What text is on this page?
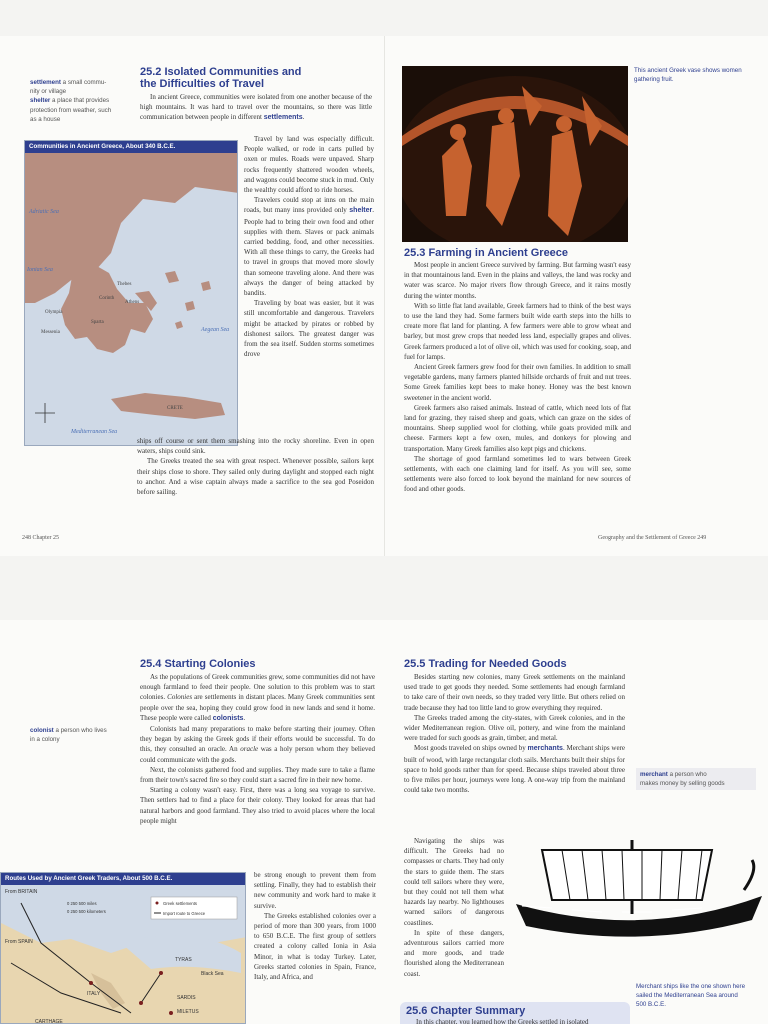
settlement a small commu-
nity or village
shelter a place that provides
protection from weather, such
as a house
25.2 Isolated Communities and
the Difficulties of Travel

In ancient Greece, communities were isolated from one another because of the high mountains. It was hard to travel over the mountains, so there was little communication between people in different settlements.

Communities in Ancient Greece, About 340 B.C.E.
CRETE
Olympia
Messenia
Corinth
Athens
Thebes
Sparta
Adriatic Sea
Ionian Sea
Aegean Sea
Mediterranean Sea

Travel by land was especially difficult. People walked, or rode in carts pulled by oxen or mules. Roads were unpaved. Sharp rocks frequently shattered wooden wheels, and wagons could become stuck in mud. Only the wealthy could afford to ride horses.

Travelers could stop at inns on the main roads, but many inns provided only shelter. People had to bring their own food and other supplies with them. Slaves or pack animals carried bedding, food, and other necessities. With all these things to carry, the Greeks had to travel in groups that moved more slowly than someone traveling alone. And there was always the danger of being attacked by bandits.

Traveling by boat was easier, but it was still uncomfortable and dangerous. Travelers might be attacked by pirates or robbed by dishonest sailors. The greatest danger was from the sea itself. Sudden storms sometimes drove

ships off course or sent them smashing into the rocky shoreline. Even in open waters, ships could sink.

The Greeks treated the sea with great respect. Whenever possible, sailors kept their ships close to shore. They sailed only during daylight and stopped each night to anchor. And a wise captain always made a sacrifice to the sea god Poseidon before sailing.

248 Chapter 25
This ancient Greek vase shows women gathering fruit.
25.3 Farming in Ancient Greece

Most people in ancient Greece survived by farming. But farming wasn't easy in that mountainous land. Even in the plains and valleys, the land was rocky and water was scarce. No major rivers flow through Greece, and it rains mostly during the winter months.

With so little flat land available, Greek farmers had to think of the best ways to use the land they had. Some farmers built wide earth steps into the hills to create more flat land for planting. A few farmers were able to grow wheat and barley, but most grew crops that needed less land, especially grapes and olives. Greek farmers produced a lot of olive oil, which was used for cooking, soap, and fuel for lamps.

Ancient Greek farmers grew food for their own families. In addition to small vegetable gardens, many farmers planted hillside orchards of fruit and nut trees. Some Greek families kept bees to make honey. Honey was the best known sweetener in the ancient world.

Greek farmers also raised animals. Instead of cattle, which need lots of flat land for grazing, they raised sheep and goats, which can graze on the sides of mountains. Sheep supplied wool for clothing, while goats provided milk and cheese. Farmers kept a few oxen, mules, and donkeys for plowing and transportation. Many Greek families also kept pigs and chickens.

The shortage of good farmland sometimes led to wars between Greek settlements, with each one claiming land for itself. As you will see, some settlements were also forced to look beyond the mainland for new sources of food and other goods.

Geography and the Settlement of Greece 249
25.4 Starting Colonies

As the populations of Greek communities grew, some communities did not have enough farmland to feed their people. One solution to this problem was to start colonies. Colonies are settlements in distant places. Many Greek communities sent people over the sea, hoping they could grow food in new lands and send it home. These people were called colonists.

Colonists had many preparations to make before starting their journey. Often they began by asking the Greek gods if their efforts would be successful. To do this, they consulted an oracle. An oracle was a holy person whom they believed could communicate with the gods.

Next, the colonists gathered food and supplies. They made sure to take a flame from their town's sacred fire so they could start a sacred fire in their new home.

Starting a colony wasn't easy. First, there was a long sea voyage to survive. Then settlers had to find a place for their colony. They looked for areas that had natural harbors and good farmland. They also tried to avoid places where the local people might

colonist a person who lives
in a colony
Routes Used by Ancient Greek Traders, About 500 B.C.E.
From BRITAIN
From SPAIN
TYRAS
Black Sea
ITALY
SARDIS
MILETUS
CARTHAGE
Greek settlements
Import route to Greece
0 250 500 miles
0 250 500 kilometers

be strong enough to prevent them from settling. Finally, they had to establish their new community and work hard to make it survive.

The Greeks established colonies over a period of more than 300 years, from 1000 to 650 B.C.E. The first group of settlers created a colony called Ionia in Asia Minor, in what is today Turkey. Later, Greeks started colonies in Spain, France, Italy, and Africa, and

25.5 Trading for Needed Goods

Besides starting new colonies, many Greek settlements on the mainland used trade to get goods they needed. Some settlements had enough farmland to take care of their own needs, so they traded very little. But others relied on trade because they had too little land to grow everything they required.

The Greeks traded among the city-states, with Greek colonies, and in the wider Mediterranean region. Olive oil, pottery, and wine from the mainland were traded for such goods as grain, timber, and metal.

Most goods traveled on ships owned by merchants. Merchant ships were built of wood, with large rectangular cloth sails. Merchants built their ships for space to hold goods rather than for speed. Because ships traveled about three to five miles per hour, journeys were long. A one-way trip from the mainland could take two months.

Navigating the ships was difficult. The Greeks had no compasses or charts. They had only the stars to guide them. The stars could tell sailors where they were, but they could not tell them what hazards lay nearby. No lighthouses warned sailors of dangerous coastlines.

In spite of these dangers, adventurous sailors carried more and more goods, and trade flourished along the Mediterranean coast.

merchant a person who
makes money by selling goods
Merchant ships like the one shown here sailed the Mediterranean Sea around 500 B.C.E.
25.6 Chapter Summary
In this chapter, you learned how the Greeks settled in isolated
